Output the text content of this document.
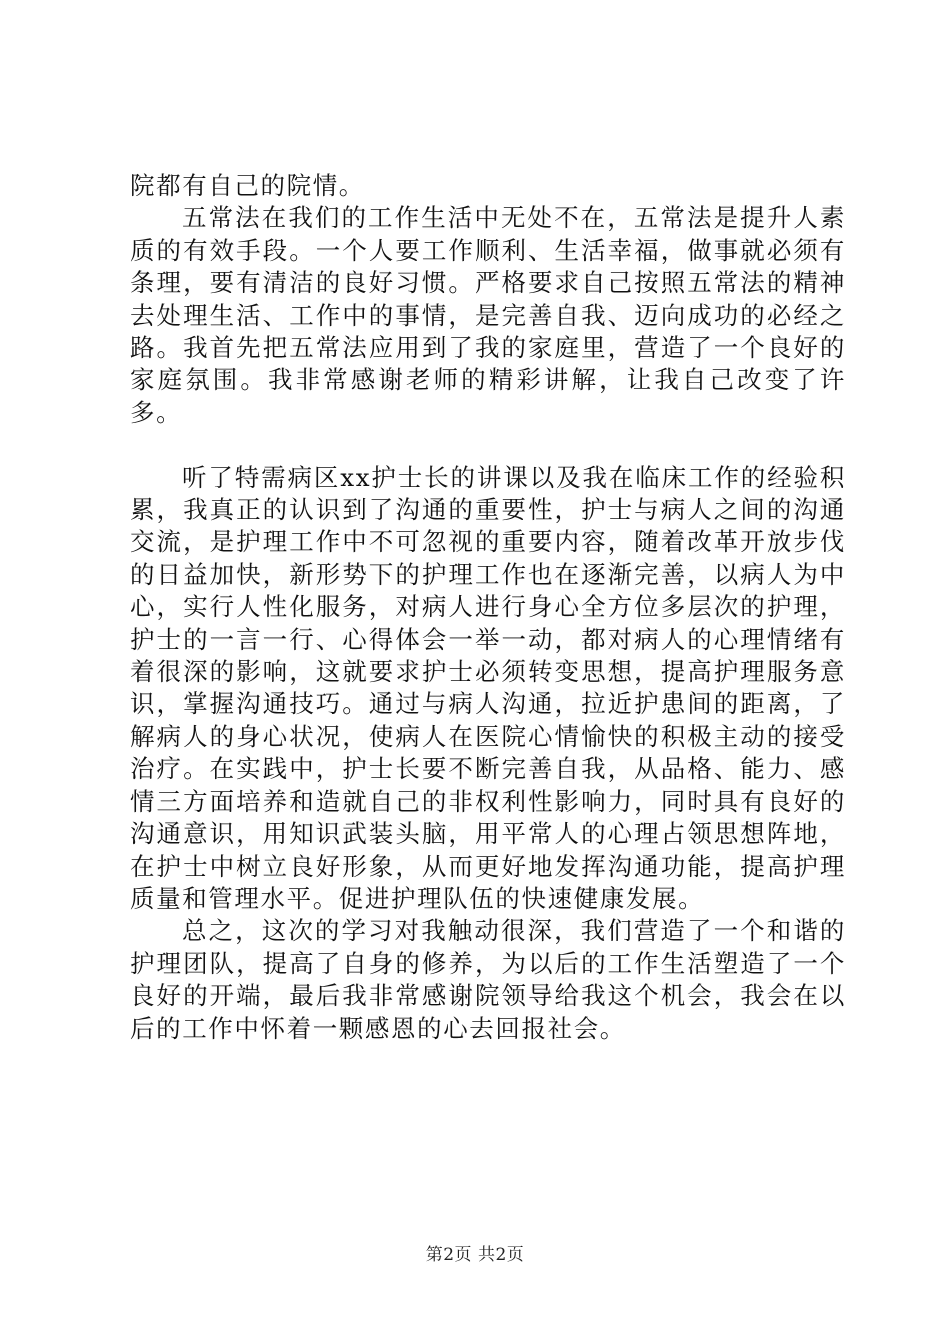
院都有自己的院情。

五常法在我们的工作生活中无处不在，五常法是提升人素质的有效手段。一个人要工作顺利、生活幸福，做事就必须有条理，要有清洁的良好习惯。严格要求自己按照五常法的精神去处理生活、工作中的事情，是完善自我、迈向成功的必经之路。我首先把五常法应用到了我的家庭里，营造了一个良好的家庭氛围。我非常感谢老师的精彩讲解，让我自己改变了许多。

听了特需病区xx护士长的讲课以及我在临床工作的经验积累，我真正的认识到了沟通的重要性，护士与病人之间的沟通交流，是护理工作中不可忽视的重要内容，随着改革开放步伐的日益加快，新形势下的护理工作也在逐渐完善，以病人为中心，实行人性化服务，对病人进行身心全方位多层次的护理，护士的一言一行、心得体会一举一动，都对病人的心理情绪有着很深的影响，这就要求护士必须转变思想，提高护理服务意识，掌握沟通技巧。通过与病人沟通，拉近护患间的距离，了解病人的身心状况，使病人在医院心情愉快的积极主动的接受治疗。在实践中，护士长要不断完善自我，从品格、能力、感情三方面培养和造就自己的非权利性影响力，同时具有良好的沟通意识，用知识武装头脑，用平常人的心理占领思想阵地，在护士中树立良好形象，从而更好地发挥沟通功能，提高护理质量和管理水平。促进护理队伍的快速健康发展。

总之，这次的学习对我触动很深，我们营造了一个和谐的护理团队，提高了自身的修养，为以后的工作生活塑造了一个良好的开端，最后我非常感谢院领导给我这个机会，我会在以后的工作中怀着一颗感恩的心去回报社会。

第2页 共2页
